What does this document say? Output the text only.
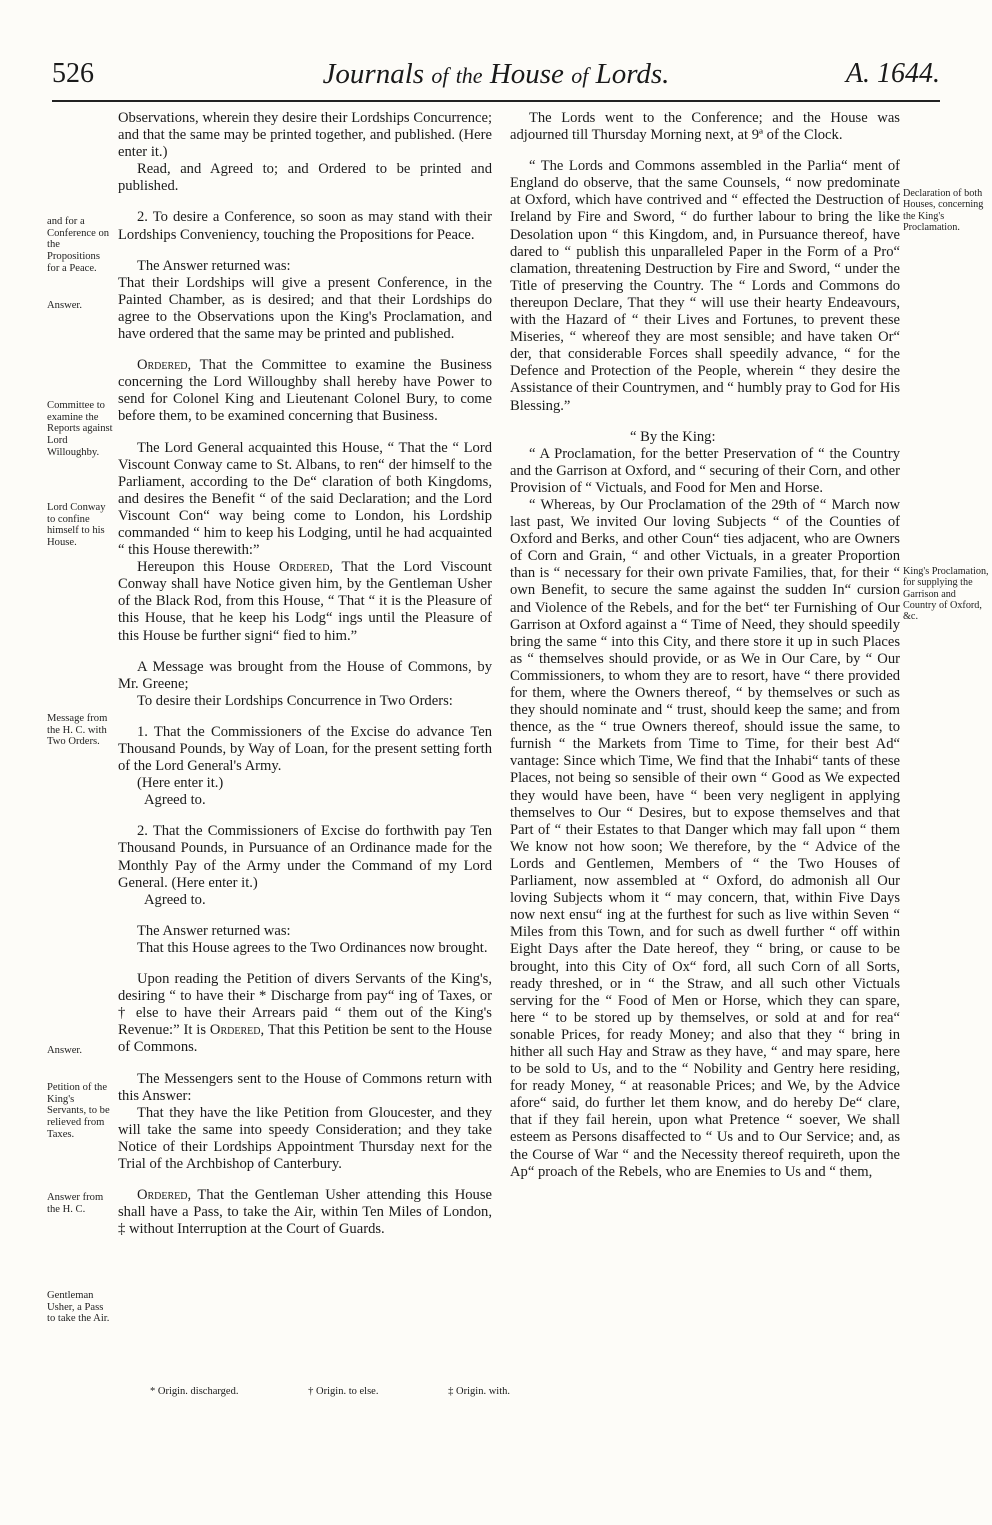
526	Journals of the House of Lords.	A. 1644.
and for a Conference on the Propositions for a Peace.
Answer.
Committee to examine the Reports against Lord Willoughby.
Lord Conway to confine himself to his House.
Message from the H. C. with Two Orders.
Answer.
Petition of the King's Servants, to be relieved from Taxes.
Answer from the H. C.
Gentleman Usher, a Pass to take the Air.

Observations, wherein they desire their Lordships Concurrence; and that the same may be printed together, and published. (Here enter it.)

Read, and Agreed to; and Ordered to be printed and published.

2. To desire a Conference, so soon as may stand with their Lordships Conveniency, touching the Propositions for Peace.

The Answer returned was:

That their Lordships will give a present Conference, in the Painted Chamber, as is desired; and that their Lordships do agree to the Observations upon the King's Proclamation, and have ordered that the same may be printed and published.

Ordered, That the Committee to examine the Business concerning the Lord Willoughby shall hereby have Power to send for Colonel King and Lieutenant Colonel Bury, to come before them, to be examined concerning that Business.

The Lord General acquainted this House, “ That the “ Lord Viscount Conway came to St. Albans, to ren“ der himself to the Parliament, according to the De“ claration of both Kingdoms, and desires the Benefit “ of the said Declaration; and the Lord Viscount Con“ way being come to London, his Lordship commanded “ him to keep his Lodging, until he had acquainted “ this House therewith:”

Hereupon this House Ordered, That the Lord Viscount Conway shall have Notice given him, by the Gentleman Usher of the Black Rod, from this House, “ That “ it is the Pleasure of this House, that he keep his Lodg“ ings until the Pleasure of this House be further signi“ fied to him.”

A Message was brought from the House of Commons, by Mr. Greene;

To desire their Lordships Concurrence in Two Orders:

1. That the Commissioners of the Excise do advance Ten Thousand Pounds, by Way of Loan, for the present setting forth of the Lord General's Army.

(Here enter it.)

Agreed to.

2. That the Commissioners of Excise do forthwith pay Ten Thousand Pounds, in Pursuance of an Ordinance made for the Monthly Pay of the Army under the Command of my Lord General. (Here enter it.)

Agreed to.

The Answer returned was:

That this House agrees to the Two Ordinances now brought.

Upon reading the Petition of divers Servants of the King's, desiring “ to have their * Discharge from pay“ ing of Taxes, or † else to have their Arrears paid “ them out of the King's Revenue:” It is Ordered, That this Petition be sent to the House of Commons.

The Messengers sent to the House of Commons return with this Answer:

That they have the like Petition from Gloucester, and they will take the same into speedy Consideration; and they take Notice of their Lordships Appointment Thursday next for the Trial of the Archbishop of Canterbury.

Ordered, That the Gentleman Usher attending this House shall have a Pass, to take the Air, within Ten Miles of London, ‡ without Interruption at the Court of Guards.

* Origin. discharged.	† Origin. to else.	‡ Origin. with.

The Lords went to the Conference; and the House was adjourned till Thursday Morning next, at 9ª of the Clock.

“ The Lords and Commons assembled in the Parlia“ ment of England do observe, that the same Counsels, “ now predominate at Oxford, which have contrived and “ effected the Destruction of Ireland by Fire and Sword, “ do further labour to bring the like Desolation upon “ this Kingdom, and, in Pursuance thereof, have dared to “ publish this unparalleled Paper in the Form of a Pro“ clamation, threatening Destruction by Fire and Sword, “ under the Title of preserving the Country. The “ Lords and Commons do thereupon Declare, That they “ will use their hearty Endeavours, with the Hazard of “ their Lives and Fortunes, to prevent these Miseries, “ whereof they are most sensible; and have taken Or“ der, that considerable Forces shall speedily advance, “ for the Defence and Protection of the People, wherein “ they desire the Assistance of their Countrymen, and “ humbly pray to God for His Blessing.”

“ By the King:

“ A Proclamation, for the better Preservation of “ the Country and the Garrison at Oxford, and “ securing of their Corn, and other Provision of “ Victuals, and Food for Men and Horse.

“ Whereas, by Our Proclamation of the 29th of “ March now last past, We invited Our loving Subjects “ of the Counties of Oxford and Berks, and other Coun“ ties adjacent, who are Owners of Corn and Grain, “ and other Victuals, in a greater Proportion than is “ necessary for their own private Families, that, for their “ own Benefit, to secure the same against the sudden In“ cursion and Violence of the Rebels, and for the bet“ ter Furnishing of Our Garrison at Oxford against a “ Time of Need, they should speedily bring the same “ into this City, and there store it up in such Places as “ themselves should provide, or as We in Our Care, by “ Our Commissioners, to whom they are to resort, have “ there provided for them, where the Owners thereof, “ by themselves or such as they should nominate and “ trust, should keep the same; and from thence, as the “ true Owners thereof, should issue the same, to furnish “ the Markets from Time to Time, for their best Ad“ vantage: Since which Time, We find that the Inhabi“ tants of these Places, not being so sensible of their own “ Good as We expected they would have been, have “ been very negligent in applying themselves to Our “ Desires, but to expose themselves and that Part of “ their Estates to that Danger which may fall upon “ them We know not how soon; We therefore, by the “ Advice of the Lords and Gentlemen, Members of “ the Two Houses of Parliament, now assembled at “ Oxford, do admonish all Our loving Subjects whom it “ may concern, that, within Five Days now next ensu“ ing at the furthest for such as live within Seven “ Miles from this Town, and for such as dwell further “ off within Eight Days after the Date hereof, they “ bring, or cause to be brought, into this City of Ox“ ford, all such Corn of all Sorts, ready threshed, or in “ the Straw, and all such other Victuals serving for the “ Food of Men or Horse, which they can spare, here “ to be stored up by themselves, or sold at and for rea“ sonable Prices, for ready Money; and also that they “ bring in hither all such Hay and Straw as they have, “ and may spare, here to be sold to Us, and to the “ Nobility and Gentry here residing, for ready Money, “ at reasonable Prices; and We, by the Advice afore“ said, do further let them know, and do hereby De“ clare, that if they fail herein, upon what Pretence “ soever, We shall esteem as Persons disaffected to “ Us and to Our Service; and, as the Course of War “ and the Necessity thereof requireth, upon the Ap“ proach of the Rebels, who are Enemies to Us and “ them,

Declaration of both Houses, concerning the King's Proclamation.
King's Proclamation, for supplying the Garrison and Country of Oxford, &c.
